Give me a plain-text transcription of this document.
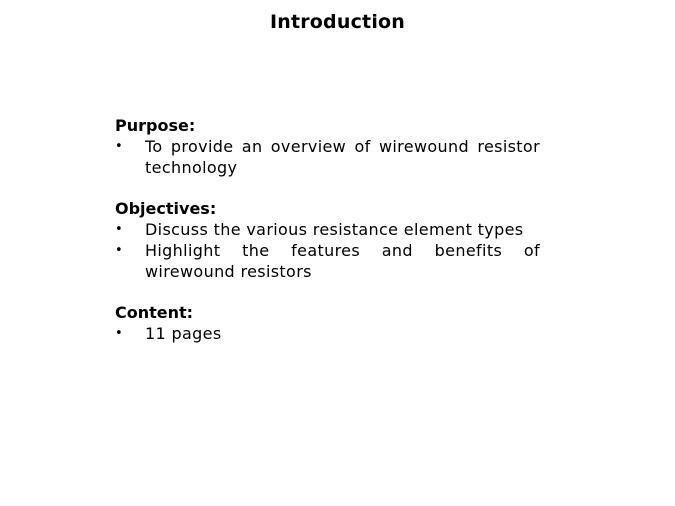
Introduction
Purpose:
• To provide an overview of wirewound resistor technology
Objectives:
• Discuss the various resistance element types
• Highlight the features and benefits of wirewound resistors
Content:
• 11 pages
